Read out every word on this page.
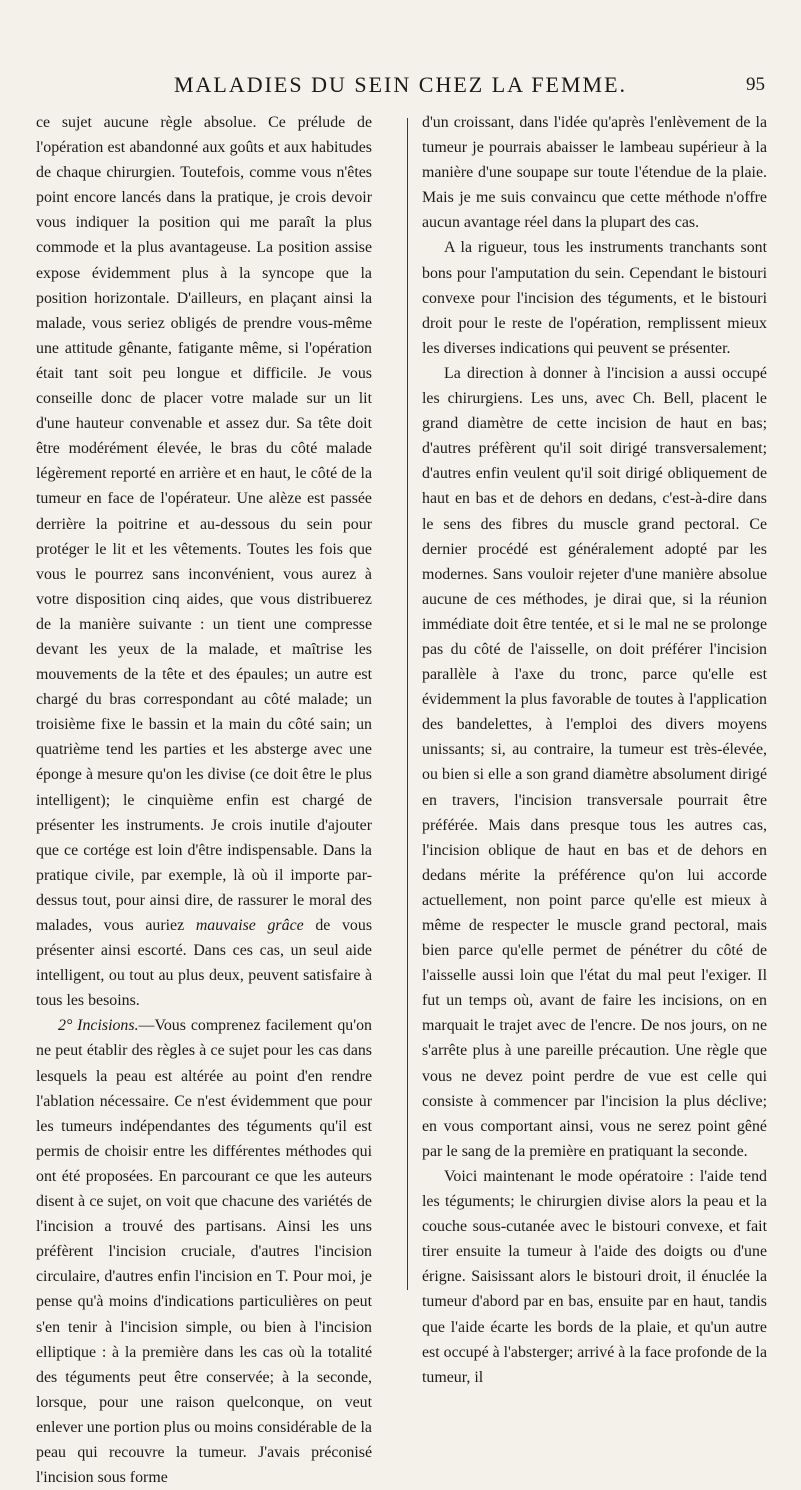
MALADIES DU SEIN CHEZ LA FEMME.	95

ce sujet aucune règle absolue. Ce prélude de l'opération est abandonné aux goûts et aux habitudes de chaque chirurgien. Toutefois, comme vous n'êtes point encore lancés dans la pratique, je crois devoir vous indiquer la position qui me paraît la plus commode et la plus avantageuse. La position assise expose évidemment plus à la syncope que la position horizontale. D'ailleurs, en plaçant ainsi la malade, vous seriez obligés de prendre vous-même une attitude gênante, fatigante même, si l'opération était tant soit peu longue et difficile. Je vous conseille donc de placer votre malade sur un lit d'une hauteur convenable et assez dur. Sa tête doit être modérément élevée, le bras du côté malade légèrement reporté en arrière et en haut, le côté de la tumeur en face de l'opérateur. Une alèze est passée derrière la poitrine et au-dessous du sein pour protéger le lit et les vêtements. Toutes les fois que vous le pourrez sans inconvénient, vous aurez à votre disposition cinq aides, que vous distribuerez de la manière suivante : un tient une compresse devant les yeux de la malade, et maîtrise les mouvements de la tête et des épaules; un autre est chargé du bras correspondant au côté malade; un troisième fixe le bassin et la main du côté sain; un quatrième tend les parties et les absterge avec une éponge à mesure qu'on les divise (ce doit être le plus intelligent); le cinquième enfin est chargé de présenter les instruments. Je crois inutile d'ajouter que ce cortége est loin d'être indispensable. Dans la pratique civile, par exemple, là où il importe par-dessus tout, pour ainsi dire, de rassurer le moral des malades, vous auriez mauvaise grâce de vous présenter ainsi escorté. Dans ces cas, un seul aide intelligent, ou tout au plus deux, peuvent satisfaire à tous les besoins.

2° Incisions.—Vous comprenez facilement qu'on ne peut établir des règles à ce sujet pour les cas dans lesquels la peau est altérée au point d'en rendre l'ablation nécessaire. Ce n'est évidemment que pour les tumeurs indépendantes des téguments qu'il est permis de choisir entre les différentes méthodes qui ont été proposées. En parcourant ce que les auteurs disent à ce sujet, on voit que chacune des variétés de l'incision a trouvé des partisans. Ainsi les uns préfèrent l'incision cruciale, d'autres l'incision circulaire, d'autres enfin l'incision en T. Pour moi, je pense qu'à moins d'indications particulières on peut s'en tenir à l'incision simple, ou bien à l'incision elliptique : à la première dans les cas où la totalité des téguments peut être conservée; à la seconde, lorsque, pour une raison quelconque, on veut enlever une portion plus ou moins considérable de la peau qui recouvre la tumeur. J'avais préconisé l'incision sous forme

d'un croissant, dans l'idée qu'après l'enlèvement de la tumeur je pourrais abaisser le lambeau supérieur à la manière d'une soupape sur toute l'étendue de la plaie. Mais je me suis convaincu que cette méthode n'offre aucun avantage réel dans la plupart des cas.

A la rigueur, tous les instruments tranchants sont bons pour l'amputation du sein. Cependant le bistouri convexe pour l'incision des téguments, et le bistouri droit pour le reste de l'opération, remplissent mieux les diverses indications qui peuvent se présenter.

La direction à donner à l'incision a aussi occupé les chirurgiens. Les uns, avec Ch. Bell, placent le grand diamètre de cette incision de haut en bas; d'autres préfèrent qu'il soit dirigé transversalement; d'autres enfin veulent qu'il soit dirigé obliquement de haut en bas et de dehors en dedans, c'est-à-dire dans le sens des fibres du muscle grand pectoral. Ce dernier procédé est généralement adopté par les modernes. Sans vouloir rejeter d'une manière absolue aucune de ces méthodes, je dirai que, si la réunion immédiate doit être tentée, et si le mal ne se prolonge pas du côté de l'aisselle, on doit préférer l'incision parallèle à l'axe du tronc, parce qu'elle est évidemment la plus favorable de toutes à l'application des bandelettes, à l'emploi des divers moyens unissants; si, au contraire, la tumeur est très-élevée, ou bien si elle a son grand diamètre absolument dirigé en travers, l'incision transversale pourrait être préférée. Mais dans presque tous les autres cas, l'incision oblique de haut en bas et de dehors en dedans mérite la préférence qu'on lui accorde actuellement, non point parce qu'elle est mieux à même de respecter le muscle grand pectoral, mais bien parce qu'elle permet de pénétrer du côté de l'aisselle aussi loin que l'état du mal peut l'exiger. Il fut un temps où, avant de faire les incisions, on en marquait le trajet avec de l'encre. De nos jours, on ne s'arrête plus à une pareille précaution. Une règle que vous ne devez point perdre de vue est celle qui consiste à commencer par l'incision la plus déclive; en vous comportant ainsi, vous ne serez point gêné par le sang de la première en pratiquant la seconde.

Voici maintenant le mode opératoire : l'aide tend les téguments; le chirurgien divise alors la peau et la couche sous-cutanée avec le bistouri convexe, et fait tirer ensuite la tumeur à l'aide des doigts ou d'une érigne. Saisissant alors le bistouri droit, il énuclée la tumeur d'abord par en bas, ensuite par en haut, tandis que l'aide écarte les bords de la plaie, et qu'un autre est occupé à l'absterger; arrivé à la face profonde de la tumeur, il
